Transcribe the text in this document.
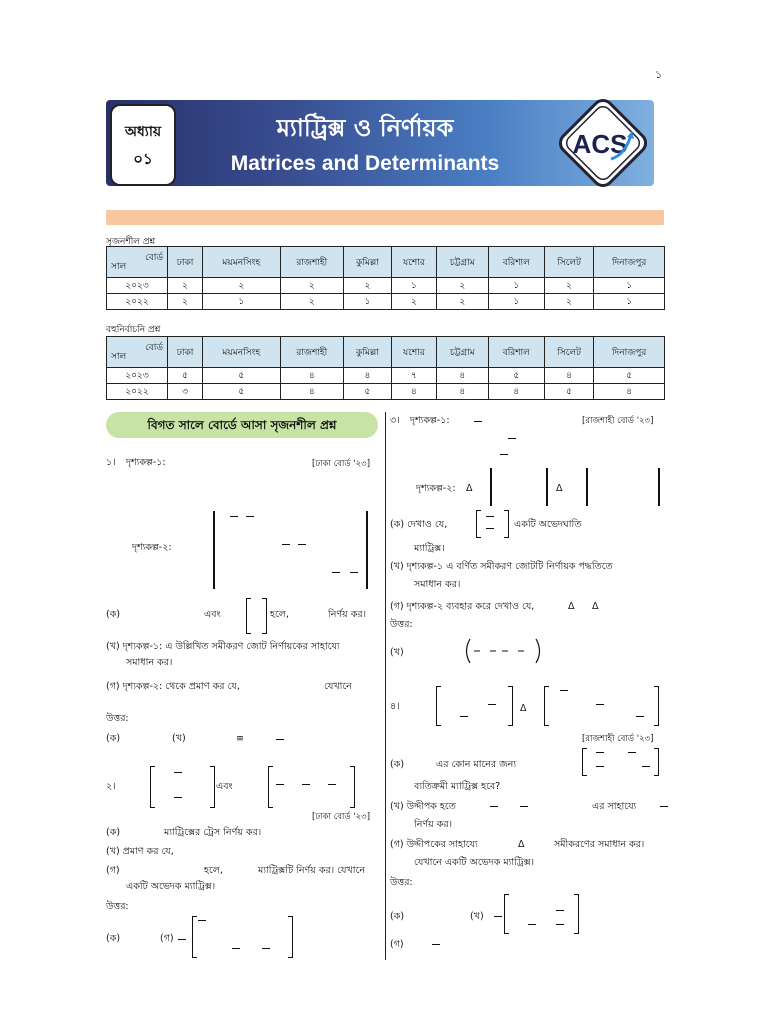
১
অধ্যায়
০১
ম্যাট্রিক্স ও নির্ণায়ক
Matrices and Determinants
ACS
সৃজনশীল প্রশ্ন
বোর্ড
সাল	ঢাকা	ময়মনসিংহ	রাজশাহী	কুমিল্লা	যশোর	চট্টগ্রাম	বরিশাল	সিলেট	দিনাজপুর
২০২৩	২	২	২	২	১	২	১	২	১
২০২২	২	১	২	১	২	২	১	২	১
বহুনির্বাচনি প্রশ্ন
বোর্ড
সাল	ঢাকা	ময়মনসিংহ	রাজশাহী	কুমিল্লা	যশোর	চট্টগ্রাম	বরিশাল	সিলেট	দিনাজপুর
২০২৩	৫	৫	৪	৪	৭	৪	৫	৪	৫
২০২২	৩	৫	৪	৫	৪	৪	৪	৫	৪
বিগত সালে বোর্ডে আসা সৃজনশীল প্রশ্ন
১। দৃশ্যকল্প-১:	[ঢাকা বোর্ড '২৩]
দৃশ্যকল্প-২:
(ক)	এবং	হলে,	নির্ণয় কর।
(খ) দৃশ্যকল্প-১: এ উল্লিখিত সমীকরণ জোট নির্ণায়কের সাহায্যে
সমাধান কর।
(গ) দৃশ্যকল্প-২: থেকে প্রমাণ কর যে,	যেখানে
উত্তর:
(ক)	(খ)	≡
২।	এবং
[ঢাকা বোর্ড '২৩]
(ক)	ম্যাট্রিক্সের ট্রেস নির্ণয় কর।
(খ) প্রমাণ কর যে,
(গ)	হলে,	ম্যাট্রিক্সটি নির্ণয় কর। যেখানে
একটি অভেদক ম্যাট্রিক্স।
উত্তর:
(ক)	(গ)
৩। দৃশ্যকল্প-১:	[রাজশাহী বোর্ড '২৩]
দৃশ্যকল্প-২: Δ	Δ
(ক) দেখাও যে,	একটি অভেদঘাতি
ম্যাট্রিক্স।
(খ) দৃশ্যকল্প-১ এ বর্ণিত সমীকরণ জোটটি নির্ণায়ক পদ্ধতিতে
সমাধান কর।
(গ) দৃশ্যকল্প-২ ব্যবহার করে দেখাও যে,	Δ Δ
উত্তর:
(খ)
৪।	Δ
[রাজশাহী বোর্ড '২৩]
(ক)	এর কোন মানের জন্য
ব্যতিক্রমী ম্যাট্রিক্স হবে?
(খ) উদ্দীপক হতে	এর সাহায্যে
নির্ণয় কর।
(গ) উদ্দীপকের সাহায্যে	Δ	সমীকরণের সমাধান কর।
যেখানে একটি অভেদক ম্যাট্রিক্স।
উত্তর:
(ক)	(খ)
(গ)
